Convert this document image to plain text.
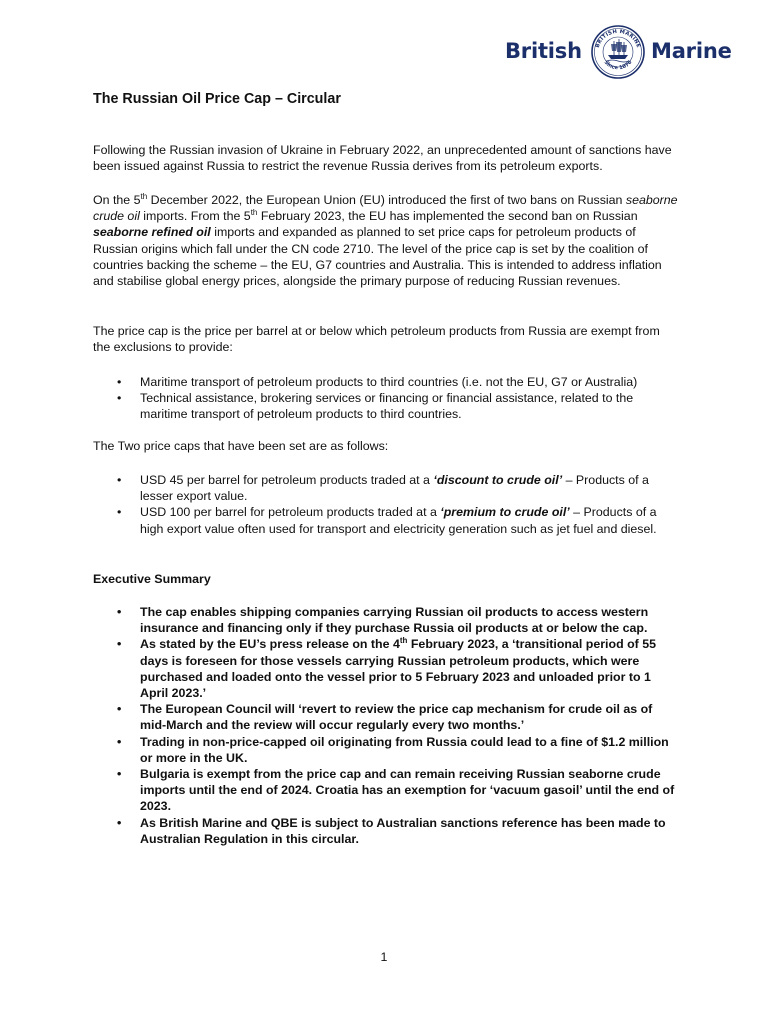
British BRITISH MARINE
Since 1876 Marine
The Russian Oil Price Cap – Circular

Following the Russian invasion of Ukraine in February 2022, an unprecedented amount of sanctions have been issued against Russia to restrict the revenue Russia derives from its petroleum exports.

On the 5th December 2022, the European Union (EU) introduced the first of two bans on Russian seaborne crude oil imports. From the 5th February 2023, the EU has implemented the second ban on Russian seaborne refined oil imports and expanded as planned to set price caps for petroleum products of Russian origins which fall under the CN code 2710. The level of the price cap is set by the coalition of countries backing the scheme – the EU, G7 countries and Australia. This is intended to address inflation and stabilise global energy prices, alongside the primary purpose of reducing Russian revenues.

The price cap is the price per barrel at or below which petroleum products from Russia are exempt from the exclusions to provide:

• Maritime transport of petroleum products to third countries (i.e. not the EU, G7 or Australia)
• Technical assistance, brokering services or financing or financial assistance, related to the maritime transport of petroleum products to third countries.

The Two price caps that have been set are as follows:

• USD 45 per barrel for petroleum products traded at a ‘discount to crude oil’ – Products of a lesser export value.
• USD 100 per barrel for petroleum products traded at a ‘premium to crude oil’ – Products of a high export value often used for transport and electricity generation such as jet fuel and diesel.

Executive Summary

• The cap enables shipping companies carrying Russian oil products to access western insurance and financing only if they purchase Russia oil products at or below the cap.
• As stated by the EU’s press release on the 4th February 2023, a ‘transitional period of 55 days is foreseen for those vessels carrying Russian petroleum products, which were purchased and loaded onto the vessel prior to 5 February 2023 and unloaded prior to 1 April 2023.’
• The European Council will ‘revert to review the price cap mechanism for crude oil as of mid-March and the review will occur regularly every two months.’
• Trading in non-price-capped oil originating from Russia could lead to a fine of $1.2 million or more in the UK.
• Bulgaria is exempt from the price cap and can remain receiving Russian seaborne crude imports until the end of 2024. Croatia has an exemption for ‘vacuum gasoil’ until the end of 2023.
• As British Marine and QBE is subject to Australian sanctions reference has been made to Australian Regulation in this circular.
1
